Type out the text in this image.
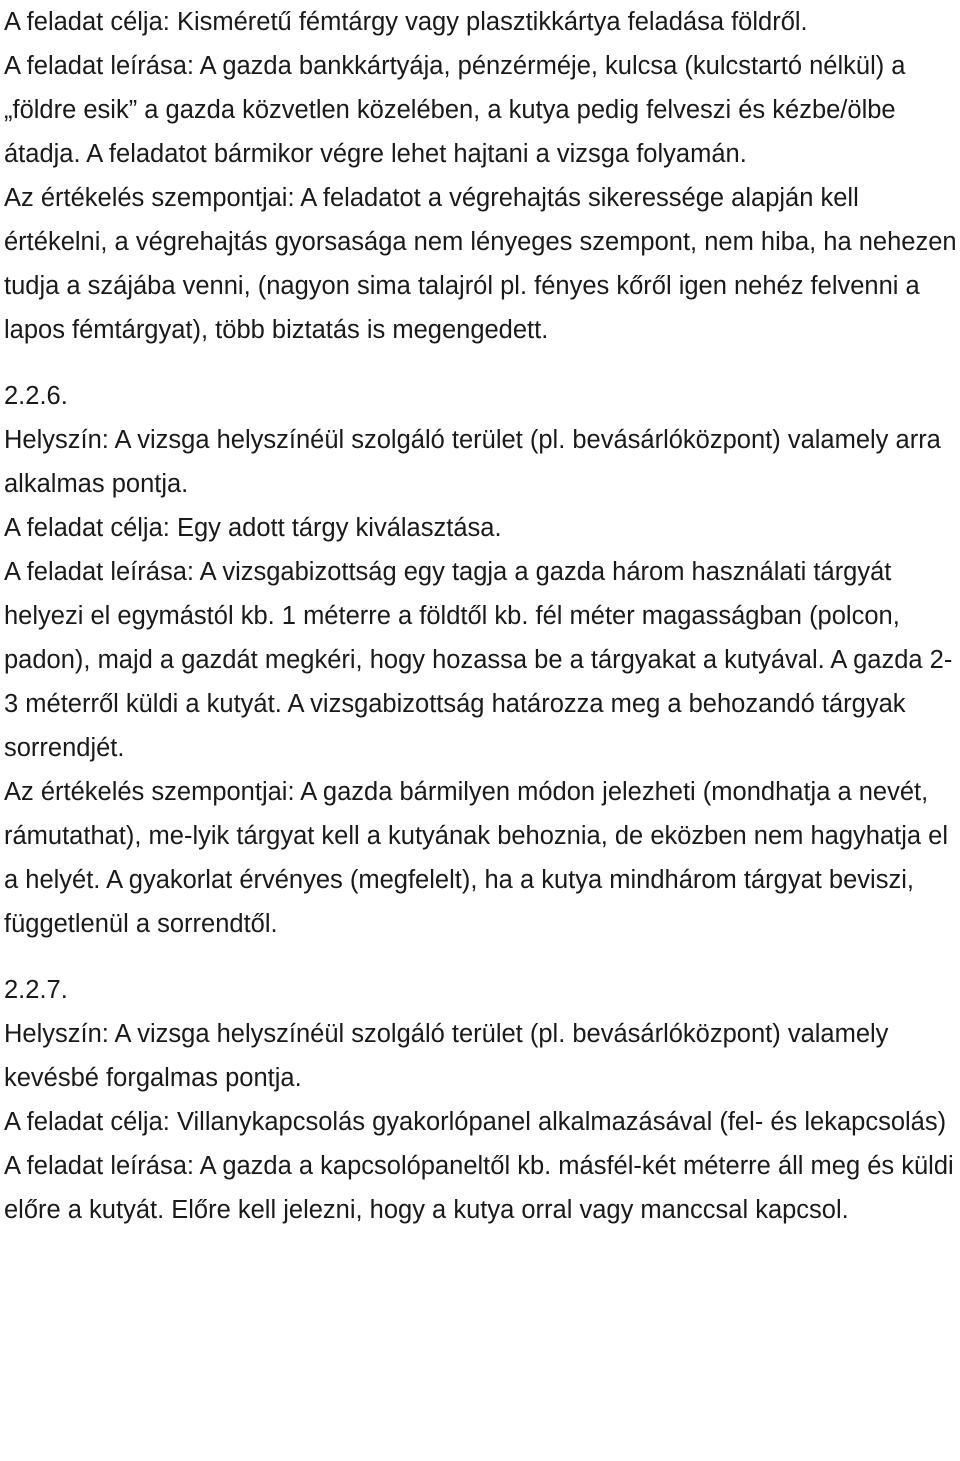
A feladat célja: Kisméretű fémtárgy vagy plasztikkártya feladása földről.

A feladat leírása: A gazda bankkártyája, pénzérméje, kulcsa (kulcstartó nélkül) a „földre esik” a gazda közvetlen közelében, a kutya pedig felveszi és kézbe/ölbe átadja. A feladatot bármikor végre lehet hajtani a vizsga folyamán.

Az értékelés szempontjai: A feladatot a végrehajtás sikeressége alapján kell értékelni, a végrehajtás gyorsasága nem lényeges szempont, nem hiba, ha nehezen tudja a szájába venni, (nagyon sima talajról pl. fényes kőről igen nehéz felvenni a lapos fémtárgyat), több biztatás is megengedett.

2.2.6.

Helyszín: A vizsga helyszínéül szolgáló terület (pl. bevásárlóközpont) valamely arra alkalmas pontja.

A feladat célja: Egy adott tárgy kiválasztása.

A feladat leírása: A vizsgabizottság egy tagja a gazda három használati tárgyát helyezi el egymástól kb. 1 méterre a földtől kb. fél méter magasságban (polcon, padon), majd a gazdát megkéri, hogy hozassa be a tárgyakat a kutyával. A gazda 2-3 méterről küldi a kutyát. A vizsgabizottság határozza meg a behozandó tárgyak sorrendjét.

Az értékelés szempontjai: A gazda bármilyen módon jelezheti (mondhatja a nevét, rámutathat), me-lyik tárgyat kell a kutyának behoznia, de eközben nem hagyhatja el a helyét. A gyakorlat érvényes (megfelelt), ha a kutya mindhárom tárgyat beviszi, függetlenül a sorrendtől.

2.2.7.

Helyszín: A vizsga helyszínéül szolgáló terület (pl. bevásárlóközpont) valamely kevésbé forgalmas pontja.

A feladat célja: Villanykapcsolás gyakorlópanel alkalmazásával (fel- és lekapcsolás)

A feladat leírása: A gazda a kapcsolópaneltől kb. másfél-két méterre áll meg és küldi előre a kutyát. Előre kell jelezni, hogy a kutya orral vagy manccsal kapcsol.
